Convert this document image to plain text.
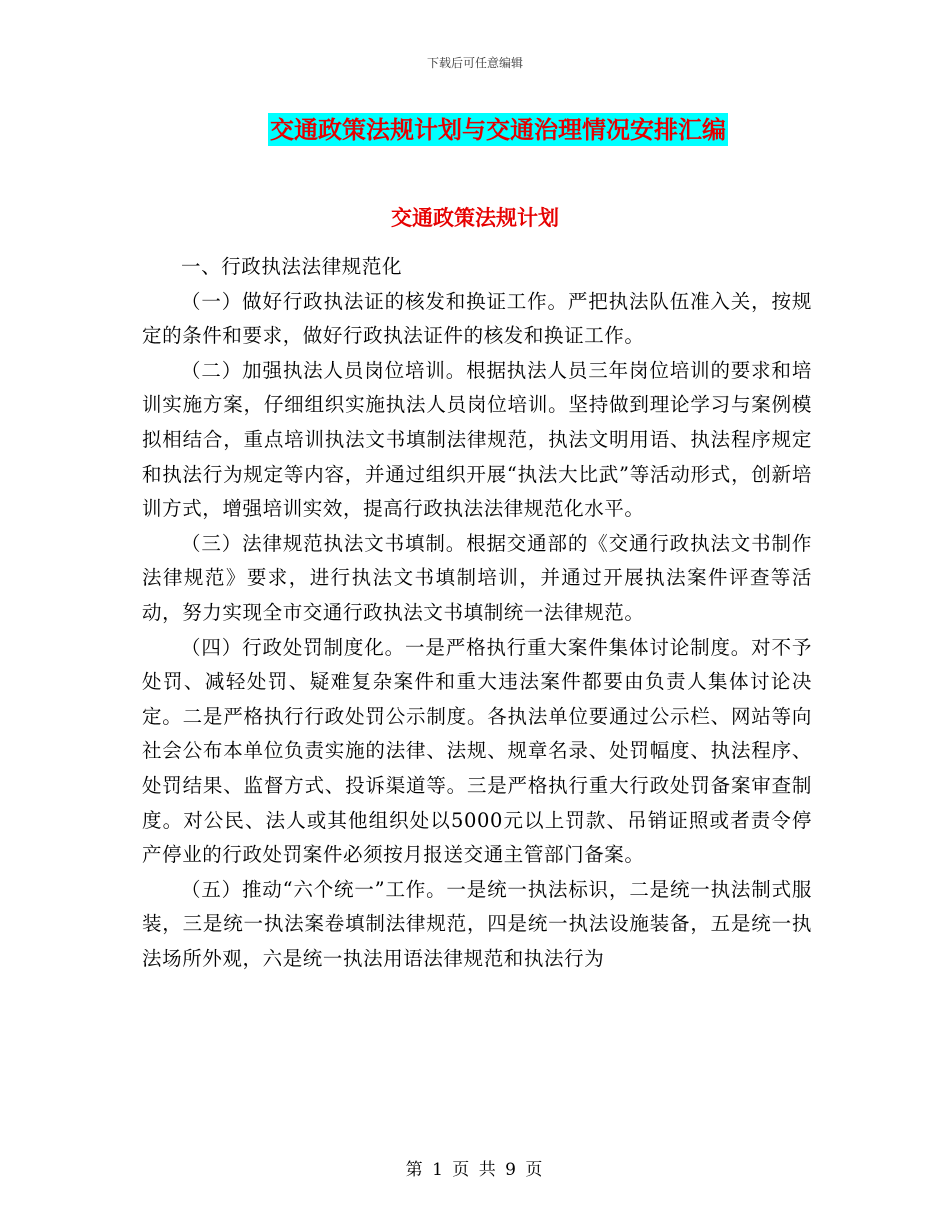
下载后可任意编辑
交通政策法规计划与交通治理情况安排汇编
交通政策法规计划

一、行政执法法律规范化

（一）做好行政执法证的核发和换证工作。严把执法队伍准入关，按规定的条件和要求，做好行政执法证件的核发和换证工作。

（二）加强执法人员岗位培训。根据执法人员三年岗位培训的要求和培训实施方案，仔细组织实施执法人员岗位培训。坚持做到理论学习与案例模拟相结合，重点培训执法文书填制法律规范，执法文明用语、执法程序规定和执法行为规定等内容，并通过组织开展“执法大比武”等活动形式，创新培训方式，增强培训实效，提高行政执法法律规范化水平。

（三）法律规范执法文书填制。根据交通部的《交通行政执法文书制作法律规范》要求，进行执法文书填制培训，并通过开展执法案件评查等活动，努力实现全市交通行政执法文书填制统一法律规范。

（四）行政处罚制度化。一是严格执行重大案件集体讨论制度。对不予处罚、减轻处罚、疑难复杂案件和重大违法案件都要由负责人集体讨论决定。二是严格执行行政处罚公示制度。各执法单位要通过公示栏、网站等向社会公布本单位负责实施的法律、法规、规章名录、处罚幅度、执法程序、处罚结果、监督方式、投诉渠道等。三是严格执行重大行政处罚备案审查制度。对公民、法人或其他组织处以5000元以上罚款、吊销证照或者责令停产停业的行政处罚案件必须按月报送交通主管部门备案。

（五）推动“六个统一”工作。一是统一执法标识，二是统一执法制式服装，三是统一执法案卷填制法律规范，四是统一执法设施装备，五是统一执法场所外观，六是统一执法用语法律规范和执法行为

第 1 页 共 9 页
